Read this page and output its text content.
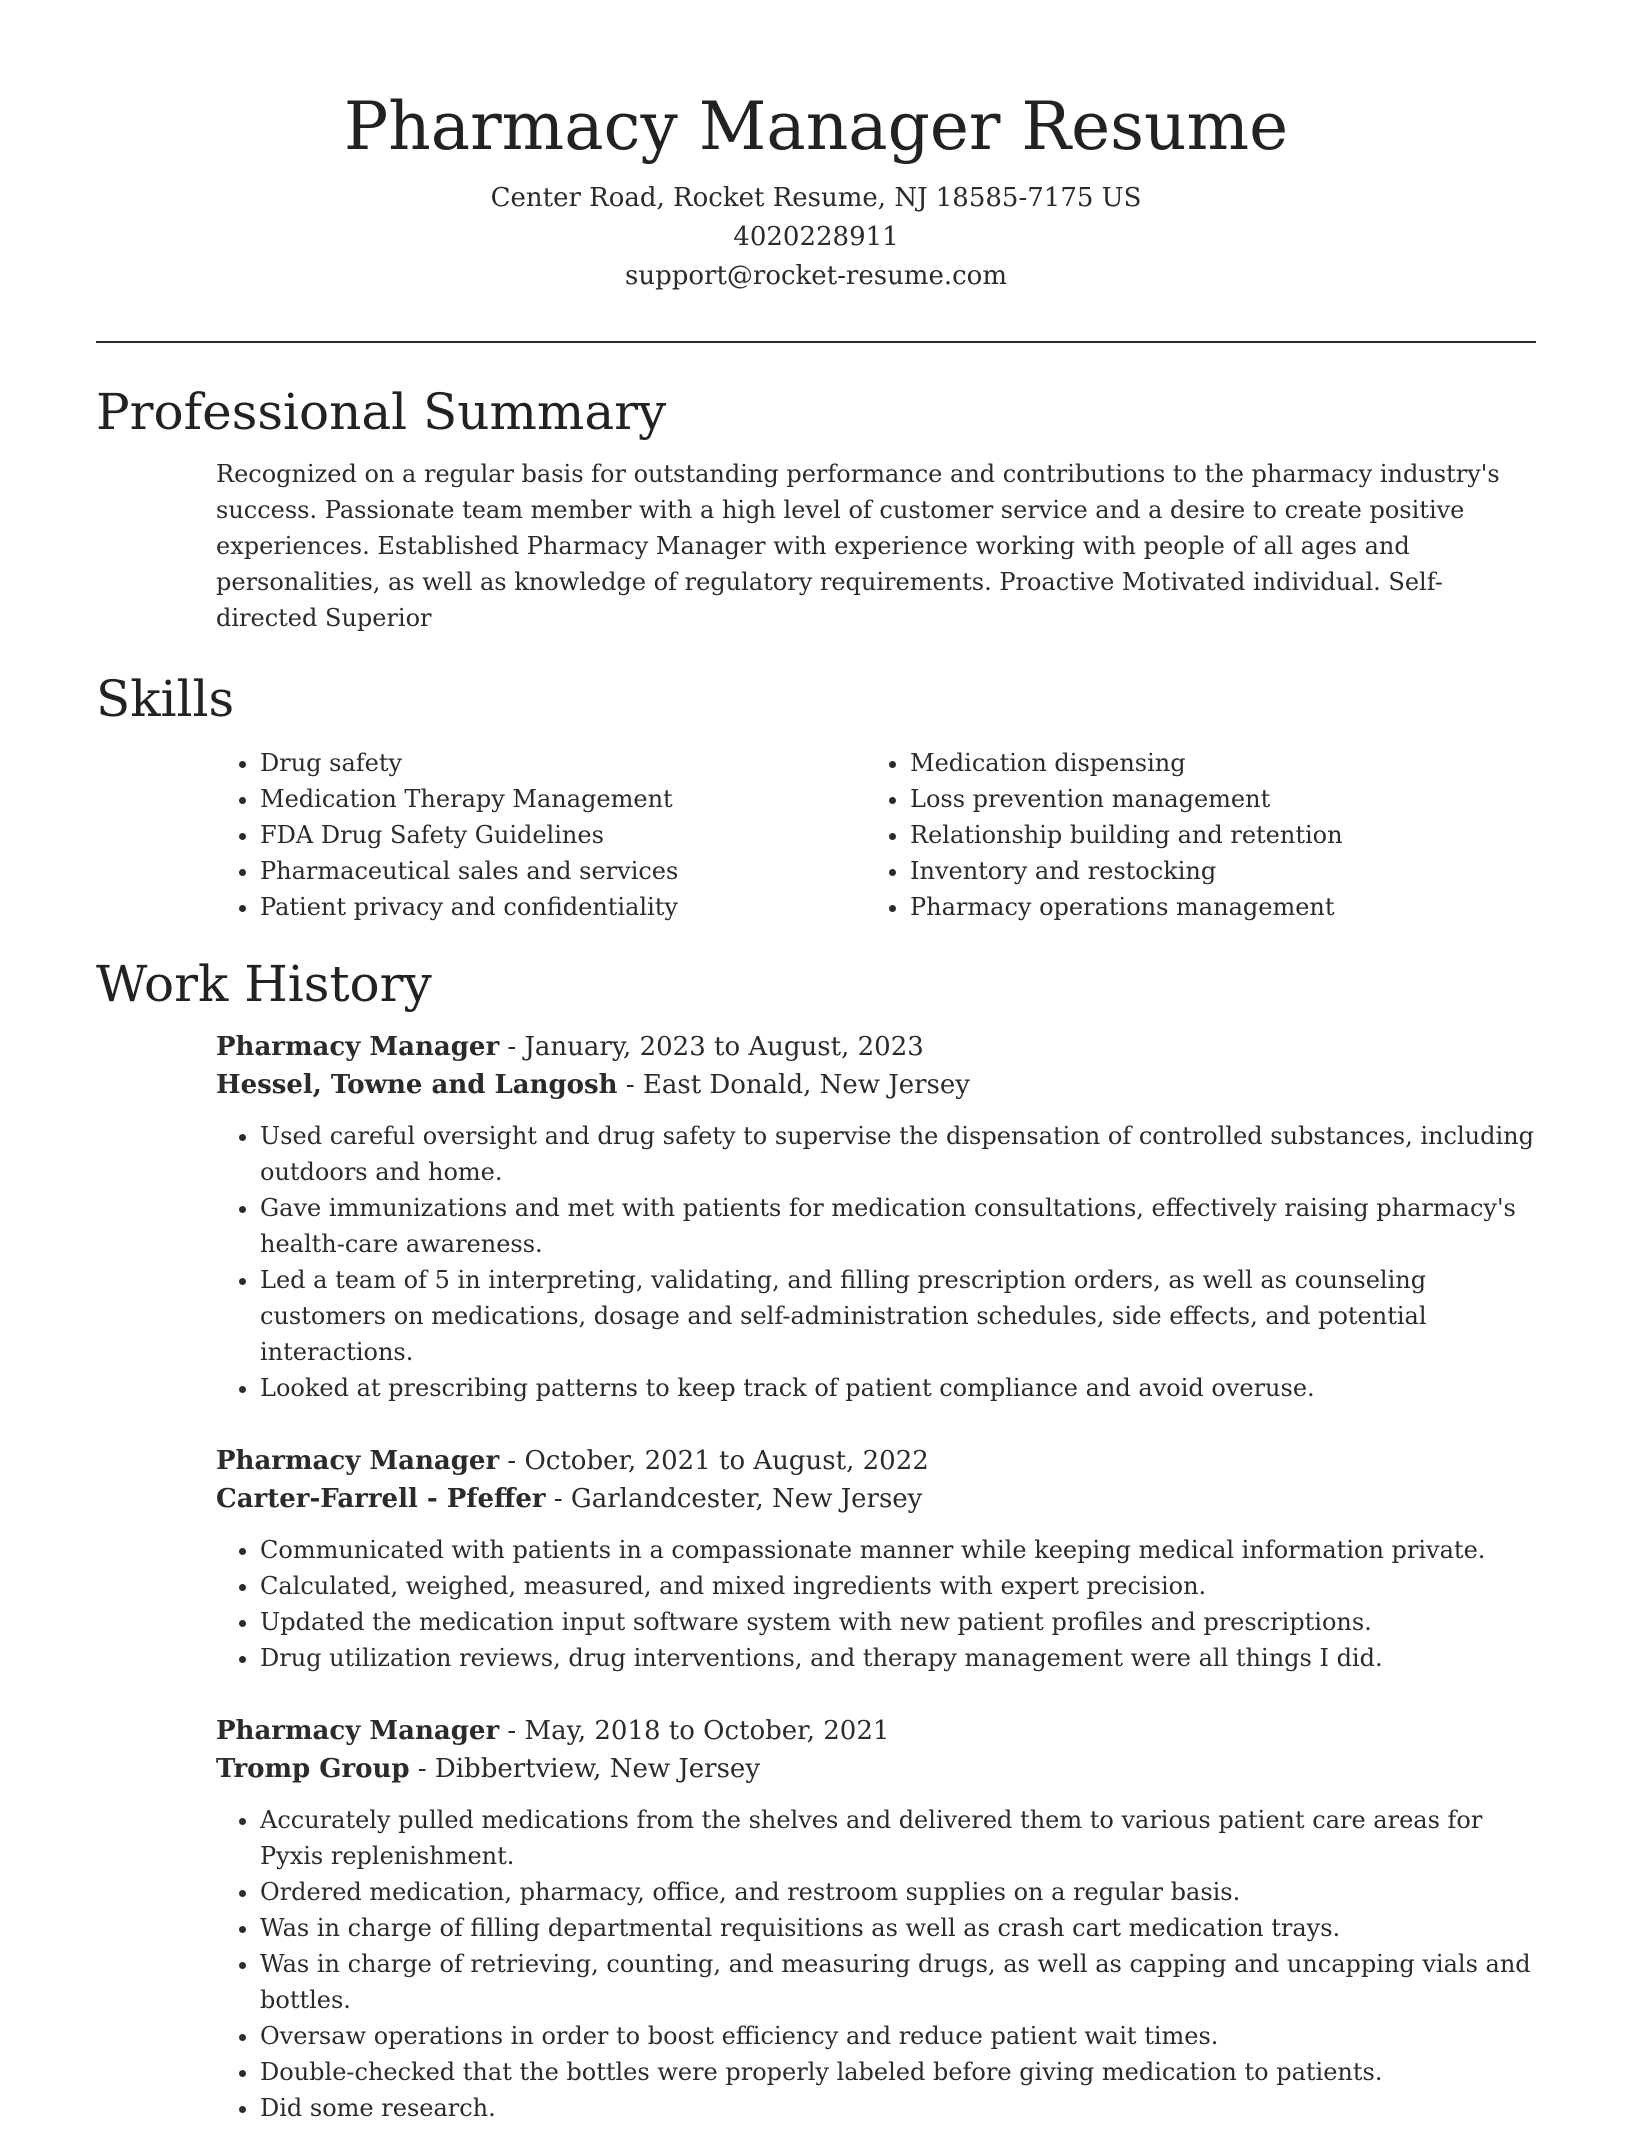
Pharmacy Manager Resume
Center Road, Rocket Resume, NJ 18585-7175 US
4020228911
support@rocket-resume.com
Professional Summary

Recognized on a regular basis for outstanding performance and contributions to the pharmacy industry's success. Passionate team member with a high level of customer service and a desire to create positive experiences. Established Pharmacy Manager with experience working with people of all ages and personalities, as well as knowledge of regulatory requirements. Proactive Motivated individual. Self-directed Superior

Skills
• Drug safety
• Medication Therapy Management
• FDA Drug Safety Guidelines
• Pharmaceutical sales and services
• Patient privacy and confidentiality
• Medication dispensing
• Loss prevention management
• Relationship building and retention
• Inventory and restocking
• Pharmacy operations management
Work History
Pharmacy Manager - January, 2023 to August, 2023
Hessel, Towne and Langosh - East Donald, New Jersey
• Used careful oversight and drug safety to supervise the dispensation of controlled substances, including outdoors and home.
• Gave immunizations and met with patients for medication consultations, effectively raising pharmacy's health-care awareness.
• Led a team of 5 in interpreting, validating, and filling prescription orders, as well as counseling customers on medications, dosage and self-administration schedules, side effects, and potential interactions.
• Looked at prescribing patterns to keep track of patient compliance and avoid overuse.
Pharmacy Manager - October, 2021 to August, 2022
Carter-Farrell - Pfeffer - Garlandcester, New Jersey
• Communicated with patients in a compassionate manner while keeping medical information private.
• Calculated, weighed, measured, and mixed ingredients with expert precision.
• Updated the medication input software system with new patient profiles and prescriptions.
• Drug utilization reviews, drug interventions, and therapy management were all things I did.
Pharmacy Manager - May, 2018 to October, 2021
Tromp Group - Dibbertview, New Jersey
• Accurately pulled medications from the shelves and delivered them to various patient care areas for Pyxis replenishment.
• Ordered medication, pharmacy, office, and restroom supplies on a regular basis.
• Was in charge of filling departmental requisitions as well as crash cart medication trays.
• Was in charge of retrieving, counting, and measuring drugs, as well as capping and uncapping vials and bottles.
• Oversaw operations in order to boost efficiency and reduce patient wait times.
• Double-checked that the bottles were properly labeled before giving medication to patients.
• Did some research.
